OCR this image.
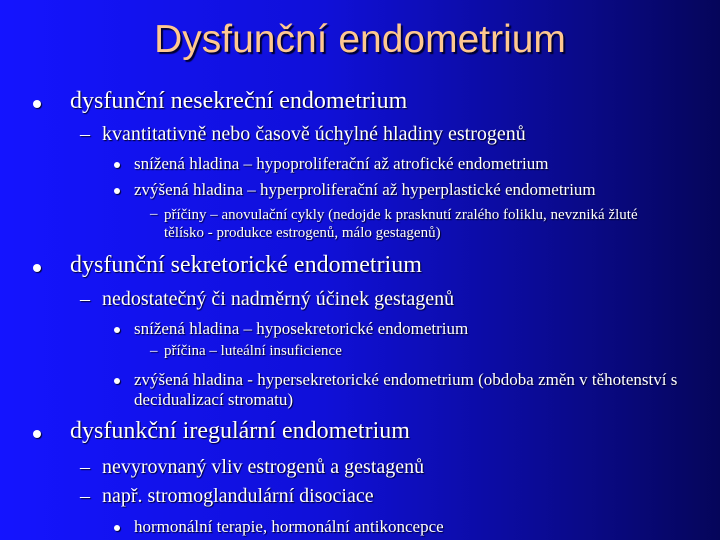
Dysfunční endometrium
dysfunční nesekreční endometrium
– kvantitativně nebo časově úchylné hladiny estrogenů
snížená hladina – hypoproliferační až atrofické endometrium
zvýšená hladina – hyperproliferační až hyperplastické endometrium
– příčiny – anovulační cykly (nedojde k prasknutí zralého foliklu, nevzniká žluté tělísko - produkce estrogenů, málo gestagenů)
dysfunční sekretorické endometrium
– nedostatečný či nadměrný účinek gestagenů
snížená hladina – hyposekretorické endometrium
– příčina – luteální insuficience
zvýšená hladina - hypersekretorické endometrium (obdoba změn v těhotenství s decidualizací stromatu)
dysfunkční iregulární endometrium
– nevyrovnaný vliv estrogenů a gestagenů
– např. stromoglandulární disociace
hormonální terapie, hormonální antikoncepce
